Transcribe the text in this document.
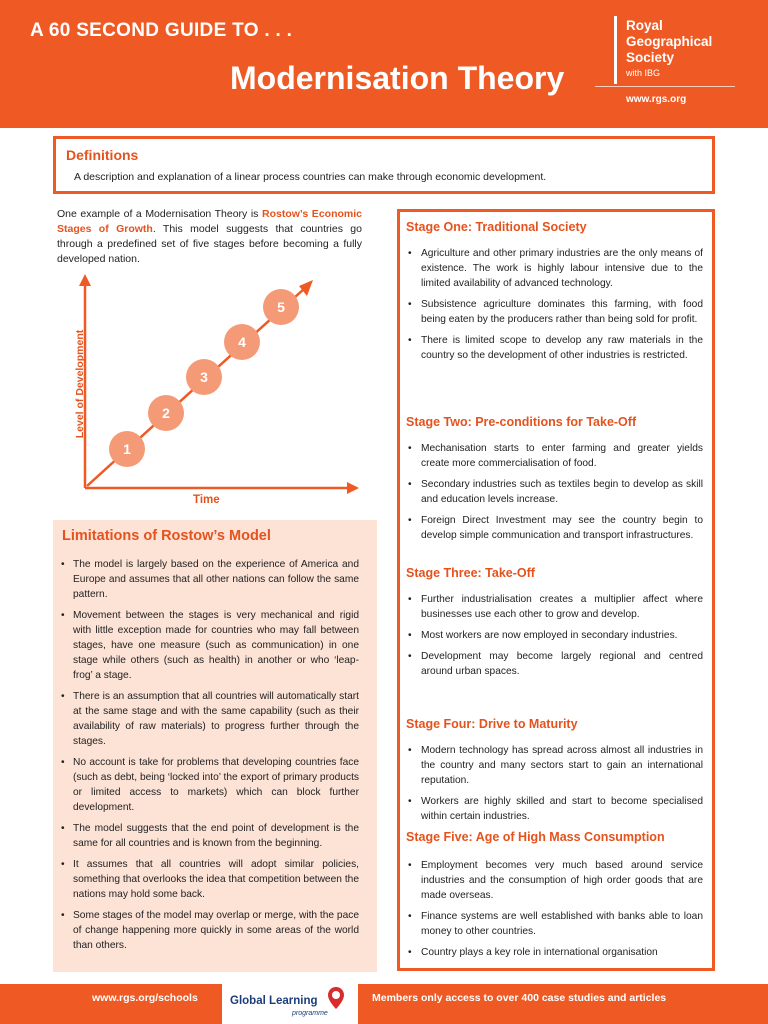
A 60 SECOND GUIDE TO . . .
Modernisation Theory
Royal
Geographical
Society
with IBG
www.rgs.org
Definitions
A description and explanation of a linear process countries can make through economic development.
One example of a Modernisation Theory is Rostow’s Economic Stages of Growth. This model suggests that countries go through a predefined set of five stages before becoming a fully developed nation.
Level of Development
Time
1
2
3
4
5
Limitations of Rostow’s Model
• The model is largely based on the experience of America and Europe and assumes that all other nations can follow the same pattern.
• Movement between the stages is very mechanical and rigid with little exception made for countries who may fall between stages, have one measure (such as communication) in one stage while others (such as health) in another or who ‘leap-frog’ a stage.
• There is an assumption that all countries will automatically start at the same stage and with the same capability (such as their availability of raw materials) to progress further through the stages.
• No account is take for problems that developing countries face (such as debt, being ‘locked into’ the export of primary products or limited access to markets) which can block further development.
• The model suggests that the end point of development is the same for all countries and is known from the beginning.
• It assumes that all countries will adopt similar policies, something that overlooks the idea that competition between the nations may hold some back.
• Some stages of the model may overlap or merge, with the pace of change happening more quickly in some areas of the world than others.
Stage One: Traditional Society
• Agriculture and other primary industries are the only means of existence. The work is highly labour intensive due to the limited availability of advanced technology.
• Subsistence agriculture dominates this farming, with food being eaten by the producers rather than being sold for profit.
• There is limited scope to develop any raw materials in the country so the development of other industries is restricted.
Stage Two: Pre-conditions for Take-Off
• Mechanisation starts to enter farming and greater yields create more commercialisation of food.
• Secondary industries such as textiles begin to develop as skill and education levels increase.
• Foreign Direct Investment may see the country begin to develop simple communication and transport infrastructures.
Stage Three: Take-Off
• Further industrialisation creates a multiplier affect where businesses use each other to grow and develop.
• Most workers are now employed in secondary industries.
• Development may become largely regional and centred around urban spaces.
Stage Four: Drive to Maturity
• Modern technology has spread across almost all industries in the country and many sectors start to gain an international reputation.
• Workers are highly skilled and start to become specialised within certain industries.
Stage Five: Age of High Mass Consumption
• Employment becomes very much based around service industries and the consumption of high order goods that are made overseas.
• Finance systems are well established with banks able to loan money to other countries.
• Country plays a key role in international organisation
www.rgs.org/schools	Global Learning
programme
Members only access to over 400 case studies and articles
